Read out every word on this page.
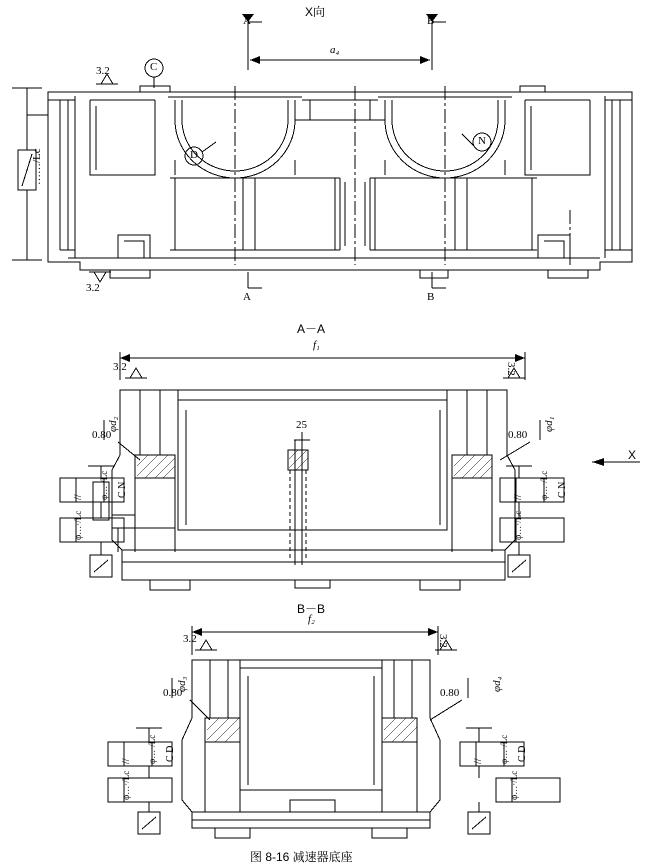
X向
A	B
A	B
a₄
3.2
3.2
C
D
N
……/Lc
A－A
f₁
3.2	3.2
0.80	0.80
φd₂	φd₁
25
// φ…·/Lc C N
φ…·/Lc
// φ…·/Lc C N
φ…·/Lc
X
B－B
f₂
3.2	3.2
0.80	0.80
φd₃	φd₄
// φ…·/Lc C D
φ…·/Lc
// φ…·/Lc C D
φ…·/Lc
图 8-16 减速器底座
